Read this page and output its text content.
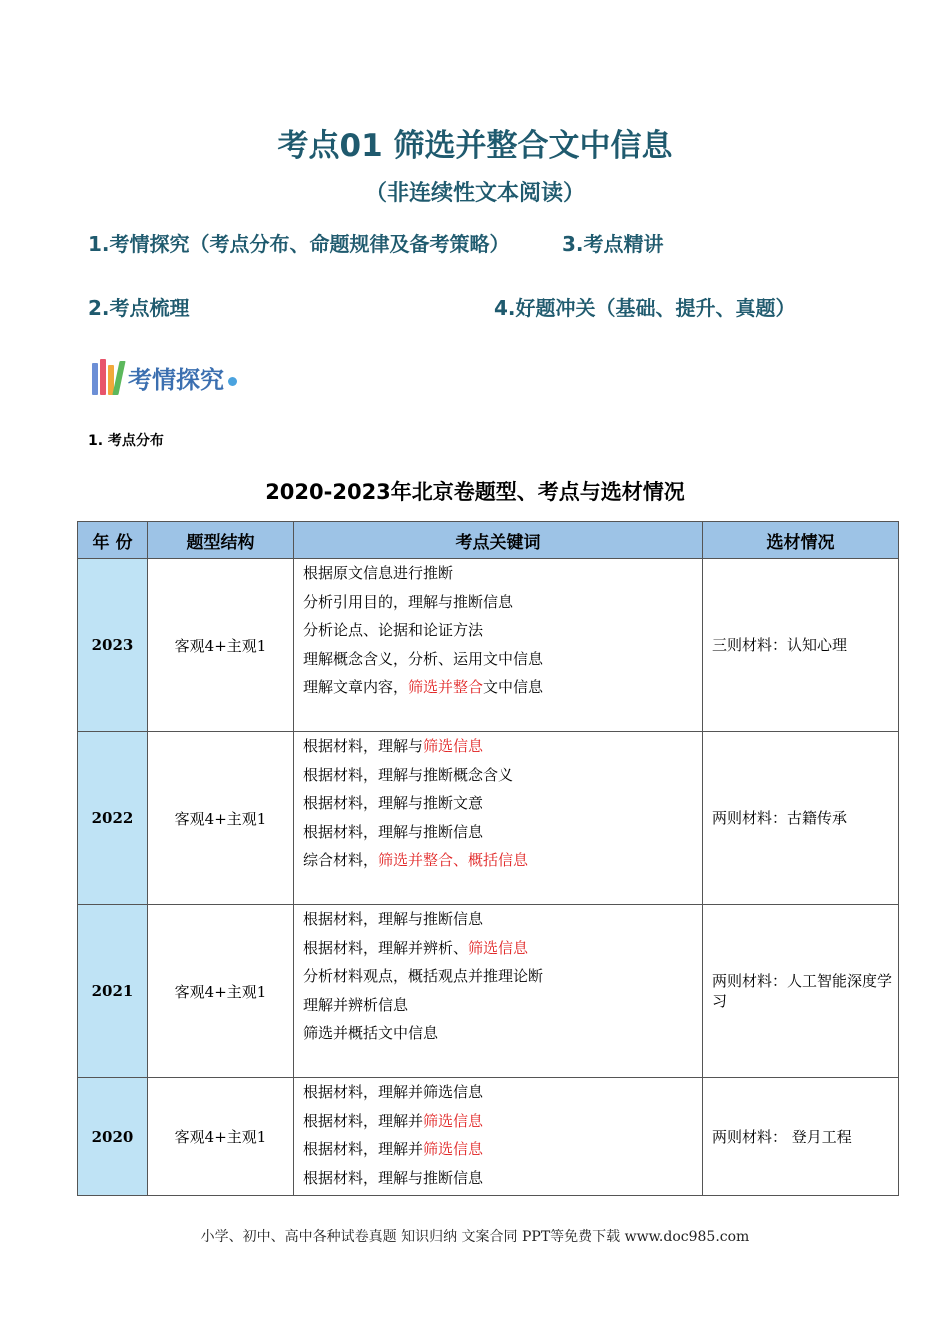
考点01 筛选并整合文中信息
（非连续性文本阅读）
1.考情探究（考点分布、命题规律及备考策略）	3.考点精讲
2.考点梳理	4.好题冲关（基础、提升、真题）
考情探究
1. 考点分布
2020-2023年北京卷题型、考点与选材情况
年 份	题型结构	考点关键词	选材情况
2023	客观4+主观1	根据原文信息进行推断
分析引用目的，理解与推断信息
分析论点、论据和论证方法
理解概念含义，分析、运用文中信息
理解文章内容，筛选并整合文中信息	三则材料：认知心理
2022	客观4+主观1	根据材料，理解与筛选信息
根据材料，理解与推断概念含义
根据材料，理解与推断文意
根据材料，理解与推断信息
综合材料，筛选并整合、概括信息	两则材料：古籍传承
2021	客观4+主观1	根据材料，理解与推断信息
根据材料，理解并辨析、筛选信息
分析材料观点，概括观点并推理论断
理解并辨析信息
筛选并概括文中信息	两则材料：人工智能深度学习
2020	客观4+主观1	根据材料，理解并筛选信息
根据材料，理解并筛选信息
根据材料，理解并筛选信息
根据材料，理解与推断信息	两则材料： 登月工程
小学、初中、高中各种试卷真题 知识归纳 文案合同 PPT等免费下载 www.doc985.com
